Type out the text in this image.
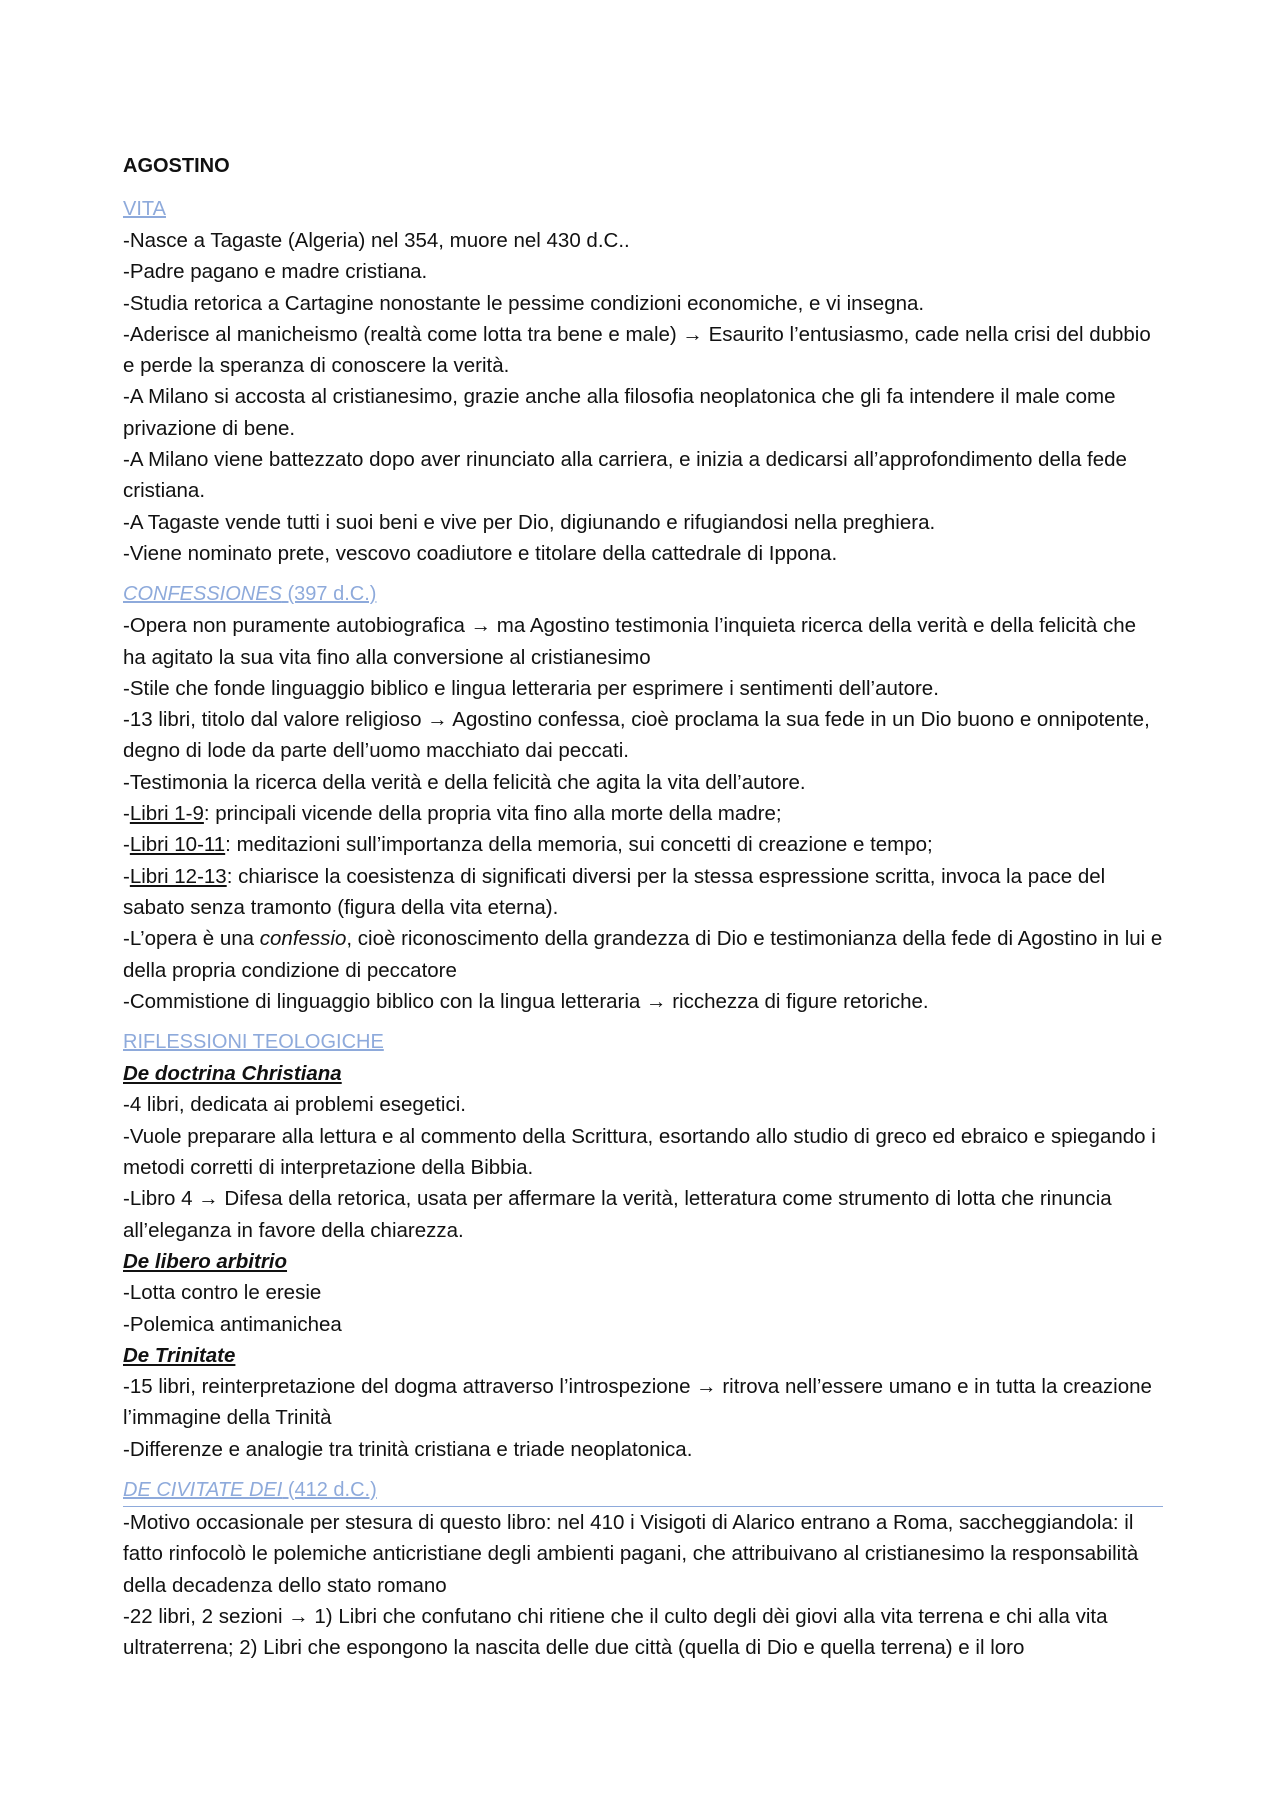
AGOSTINO
VITA

-Nasce a Tagaste (Algeria) nel 354, muore nel 430 d.C..

-Padre pagano e madre cristiana.

-Studia retorica a Cartagine nonostante le pessime condizioni economiche, e vi insegna.

-Aderisce al manicheismo (realtà come lotta tra bene e male) → Esaurito l’entusiasmo, cade nella crisi del dubbio e perde la speranza di conoscere la verità.

-A Milano si accosta al cristianesimo, grazie anche alla filosofia neoplatonica che gli fa intendere il male come privazione di bene.

-A Milano viene battezzato dopo aver rinunciato alla carriera, e inizia a dedicarsi all’approfondimento della fede cristiana.

-A Tagaste vende tutti i suoi beni e vive per Dio, digiunando e rifugiandosi nella preghiera.

-Viene nominato prete, vescovo coadiutore e titolare della cattedrale di Ippona.

CONFESSIONES (397 d.C.)

-Opera non puramente autobiografica → ma Agostino testimonia l’inquieta ricerca della verità e della felicità che ha agitato la sua vita fino alla conversione al cristianesimo

-Stile che fonde linguaggio biblico e lingua letteraria per esprimere i sentimenti dell’autore.

-13 libri, titolo dal valore religioso → Agostino confessa, cioè proclama la sua fede in un Dio buono e onnipotente, degno di lode da parte dell’uomo macchiato dai peccati.

-Testimonia la ricerca della verità e della felicità che agita la vita dell’autore.

-Libri 1-9: principali vicende della propria vita fino alla morte della madre;

-Libri 10-11: meditazioni sull’importanza della memoria, sui concetti di creazione e tempo;

-Libri 12-13: chiarisce la coesistenza di significati diversi per la stessa espressione scritta, invoca la pace del sabato senza tramonto (figura della vita eterna).

-L’opera è una confessio, cioè riconoscimento della grandezza di Dio e testimonianza della fede di Agostino in lui e della propria condizione di peccatore

-Commistione di linguaggio biblico con la lingua letteraria → ricchezza di figure retoriche.

RIFLESSIONI TEOLOGICHE
De doctrina Christiana

-4 libri, dedicata ai problemi esegetici.

-Vuole preparare alla lettura e al commento della Scrittura, esortando allo studio di greco ed ebraico e spiegando i metodi corretti di interpretazione della Bibbia.

-Libro 4 → Difesa della retorica, usata per affermare la verità, letteratura come strumento di lotta che rinuncia all’eleganza in favore della chiarezza.

De libero arbitrio

-Lotta contro le eresie

-Polemica antimanichea

De Trinitate

-15 libri, reinterpretazione del dogma attraverso l’introspezione → ritrova nell’essere umano e in tutta la creazione l’immagine della Trinità

-Differenze e analogie tra trinità cristiana e triade neoplatonica.

DE CIVITATE DEI (412 d.C.)

-Motivo occasionale per stesura di questo libro: nel 410 i Visigoti di Alarico entrano a Roma, saccheggiandola: il fatto rinfocolò le polemiche anticristiane degli ambienti pagani, che attribuivano al cristianesimo la responsabilità della decadenza dello stato romano

-22 libri, 2 sezioni → 1) Libri che confutano chi ritiene che il culto degli dèi giovi alla vita terrena e chi alla vita ultraterrena; 2) Libri che espongono la nascita delle due città (quella di Dio e quella terrena) e il loro
